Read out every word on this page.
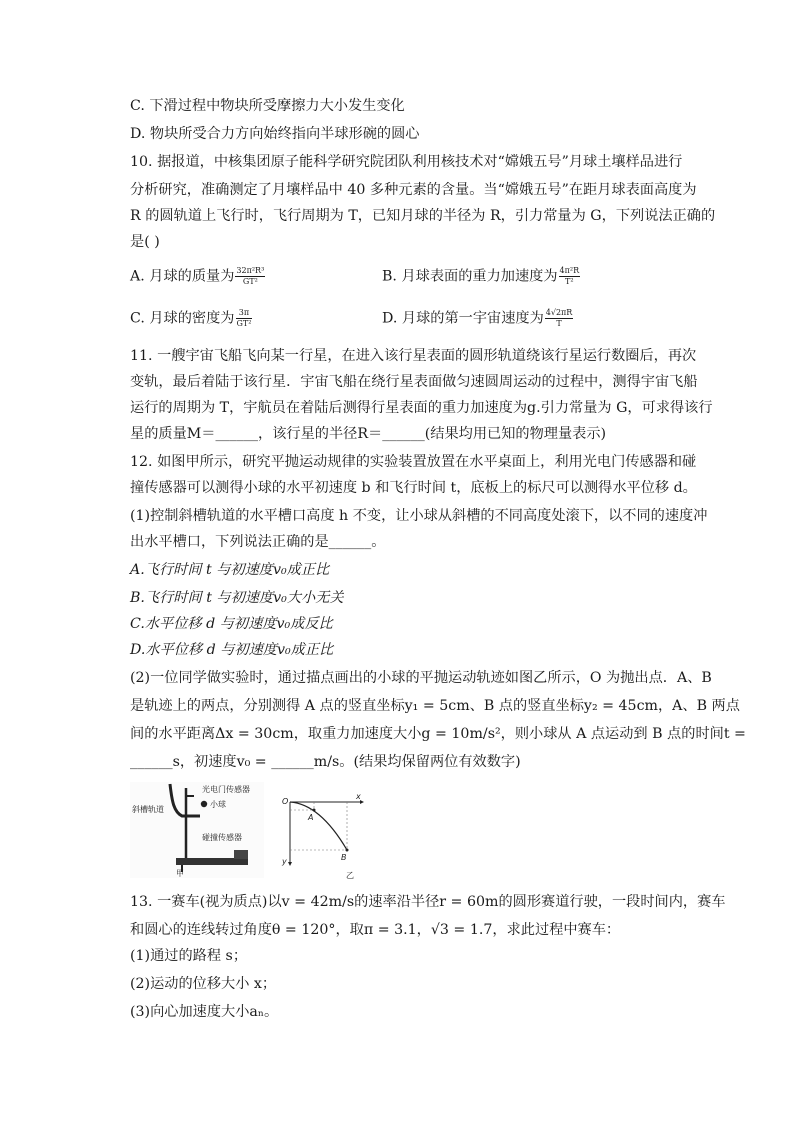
C. 下滑过程中物块所受摩擦力大小发生变化
D. 物块所受合力方向始终指向半球形碗的圆心
10. 据报道，中核集团原子能科学研究院团队利用核技术对“嫦娥五号”月球土壤样品进行
分析研究，准确测定了月壤样品中 40 多种元素的含量。当“嫦娥五号”在距月球表面高度为
R 的圆轨道上飞行时，飞行周期为 T，已知月球的半径为 R，引力常量为 G，下列说法正确的
是( )
A. 月球的质量为 $\frac{\text{32π²R³}}{\text{GT²}}$	B. 月球表面的重力加速度为 $\frac{\text{4π²R}}{\text{T²}}$
C. 月球的密度为 $\frac{3\pi}{\text{GT²}}$	D. 月球的第一宇宙速度为 $\frac{4√2\pi R}{T}$
11. 一艘宇宙飞船飞向某一行星，在进入该行星表面的圆形轨道绕该行星运行数圈后，再次
变轨，最后着陆于该行星．宇宙飞船在绕行星表面做匀速圆周运动的过程中，测得宇宙飞船
运行的周期为 T，宇航员在着陆后测得行星表面的重力加速度为g.引力常量为 G，可求得该行
星的质量M＝______，该行星的半径R＝______(结果均用已知的物理量表示)
12. 如图甲所示，研究平抛运动规律的实验装置放置在水平桌面上，利用光电门传感器和碰
撞传感器可以测得小球的水平初速度 b 和飞行时间 t，底板上的标尺可以测得水平位移 d。
(1)控制斜槽轨道的水平槽口高度 h 不变，让小球从斜槽的不同高度处滚下，以不同的速度冲
出水平槽口，下列说法正确的是______。
A.飞行时间 t 与初速度v₀成正比
B.飞行时间 t 与初速度v₀大小无关
C.水平位移 d 与初速度v₀成反比
D.水平位移 d 与初速度v₀成正比
(2)一位同学做实验时，通过描点画出的小球的平抛运动轨迹如图乙所示，O 为抛出点．A、B
是轨迹上的两点，分别测得 A 点的竖直坐标y₁ = 5cm、B 点的竖直坐标y₂ = 45cm，A、B 两点
间的水平距离Δx = 30cm，取重力加速度大小g = 10m/s²，则小球从 A 点运动到 B 点的时间t =
______s，初速度v₀ = ______m/s。(结果均保留两位有效数字)
光电门传感器
小球
斜槽轨道
碰撞传感器
甲
O
x
y
A
B
乙
13. 一赛车(视为质点)以v = 42m/s的速率沿半径r = 60m的圆形赛道行驶，一段时间内，赛车
和圆心的连线转过角度θ = 120°，取π = 3.1，√3 = 1.7，求此过程中赛车：
(1)通过的路程 s；
(2)运动的位移大小 x；
(3)向心加速度大小aₙ。
